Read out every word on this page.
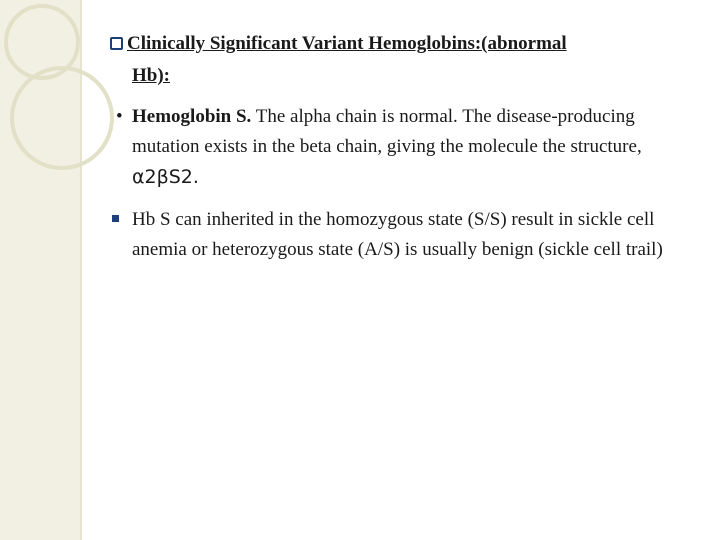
Clinically Significant Variant Hemoglobins:(abnormal
Hb):
• Hemoglobin S. The alpha chain is normal. The disease-producing mutation exists in the beta chain, giving the molecule the structure, α2βS2.
Hb S can inherited in the homozygous state (S/S) result in sickle cell anemia or heterozygous state (A/S) is usually benign (sickle cell trail)
